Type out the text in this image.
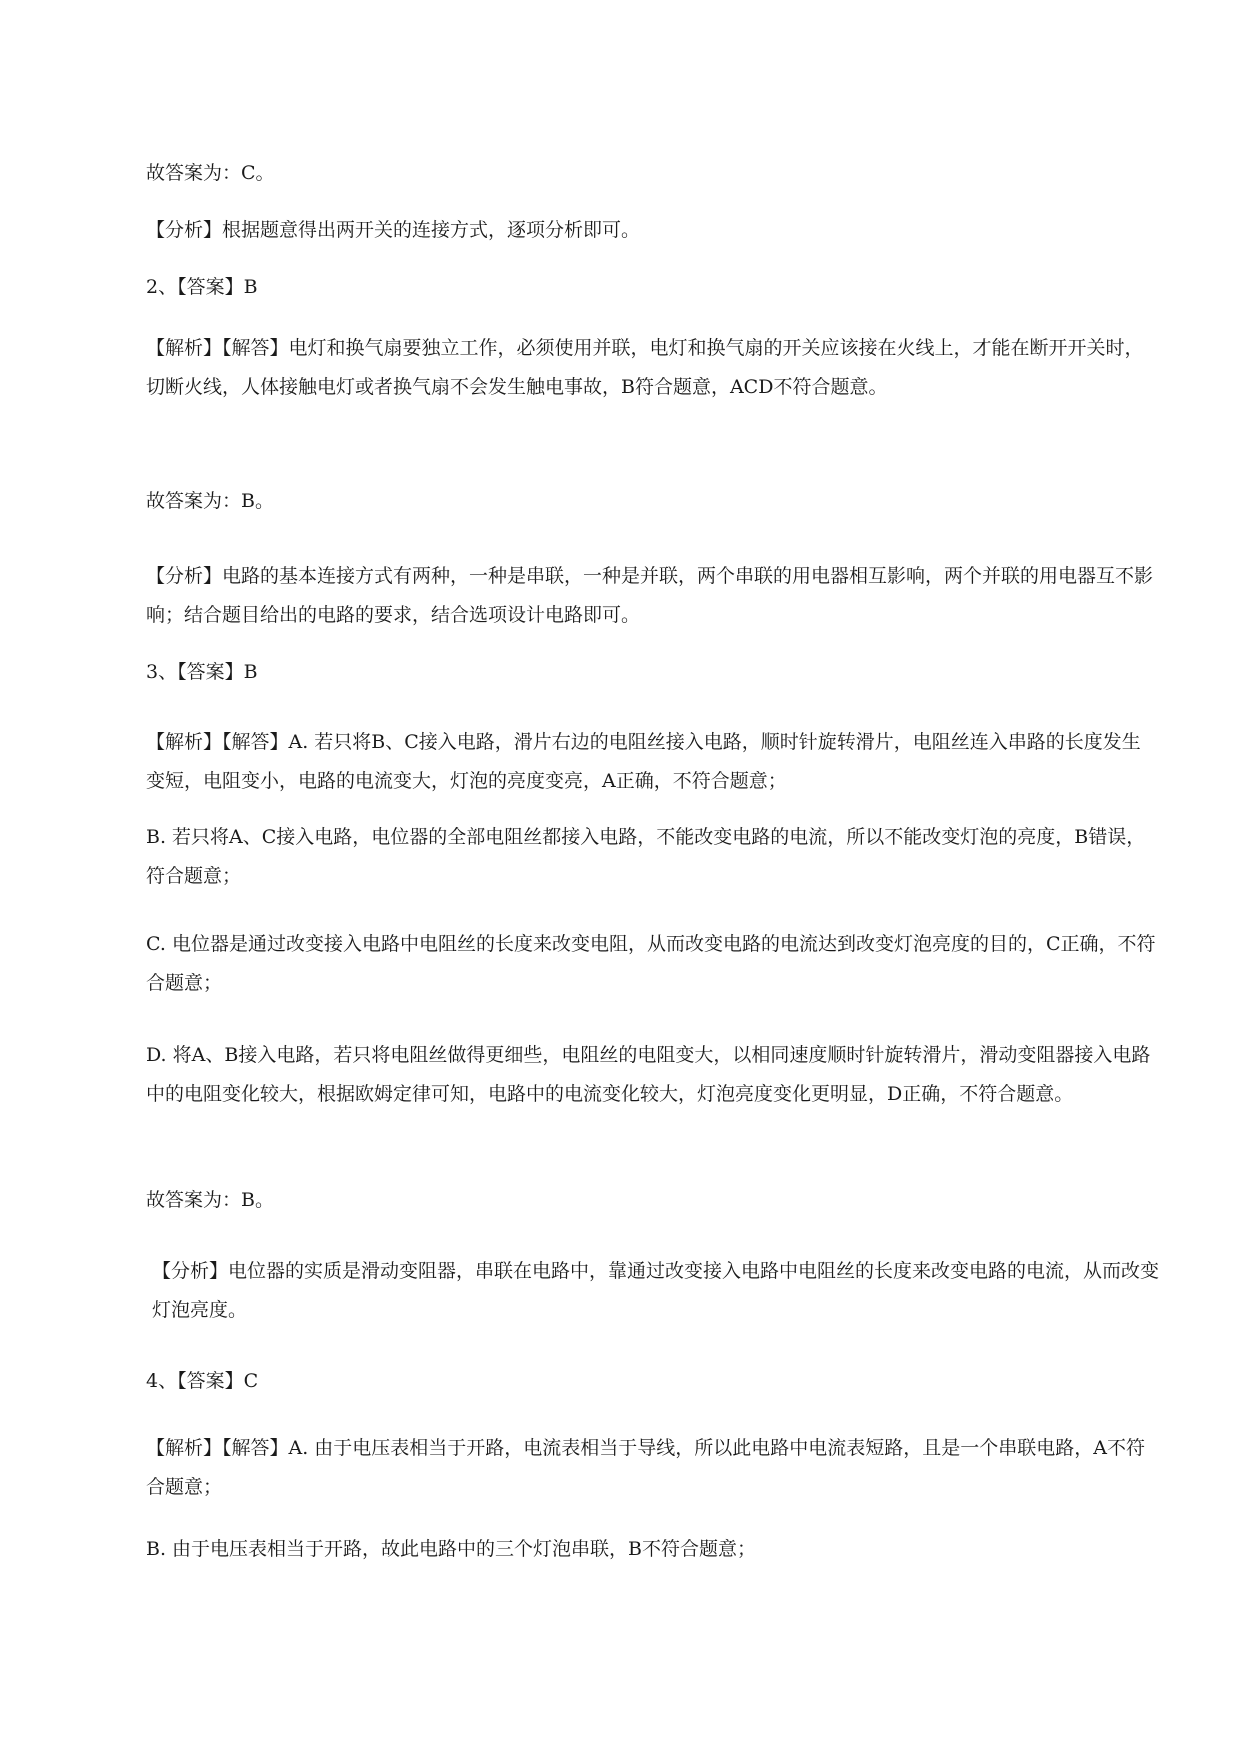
故答案为：C。

【分析】根据题意得出两开关的连接方式，逐项分析即可。

2、【答案】B

【解析】【解答】电灯和换气扇要独立工作，必须使用并联，电灯和换气扇的开关应该接在火线上，才能在断开开关时，切断火线，人体接触电灯或者换气扇不会发生触电事故，B符合题意，ACD不符合题意。

故答案为：B。

【分析】电路的基本连接方式有两种，一种是串联，一种是并联，两个串联的用电器相互影响，两个并联的用电器互不影响；结合题目给出的电路的要求，结合选项设计电路即可。

3、【答案】B

【解析】【解答】A. 若只将B、C接入电路，滑片右边的电阻丝接入电路，顺时针旋转滑片，电阻丝连入串路的长度发生变短，电阻变小，电路的电流变大，灯泡的亮度变亮，A正确，不符合题意；

B. 若只将A、C接入电路，电位器的全部电阻丝都接入电路，不能改变电路的电流，所以不能改变灯泡的亮度，B错误，符合题意；

C. 电位器是通过改变接入电路中电阻丝的长度来改变电阻，从而改变电路的电流达到改变灯泡亮度的目的，C正确，不符合题意；

D. 将A、B接入电路，若只将电阻丝做得更细些，电阻丝的电阻变大，以相同速度顺时针旋转滑片，滑动变阻器接入电路中的电阻变化较大，根据欧姆定律可知，电路中的电流变化较大，灯泡亮度变化更明显，D正确，不符合题意。

故答案为：B。

【分析】电位器的实质是滑动变阻器，串联在电路中，靠通过改变接入电路中电阻丝的长度来改变电路的电流，从而改变灯泡亮度。

4、【答案】C

【解析】【解答】A. 由于电压表相当于开路，电流表相当于导线，所以此电路中电流表短路，且是一个串联电路，A不符合题意；

B. 由于电压表相当于开路，故此电路中的三个灯泡串联，B不符合题意；
